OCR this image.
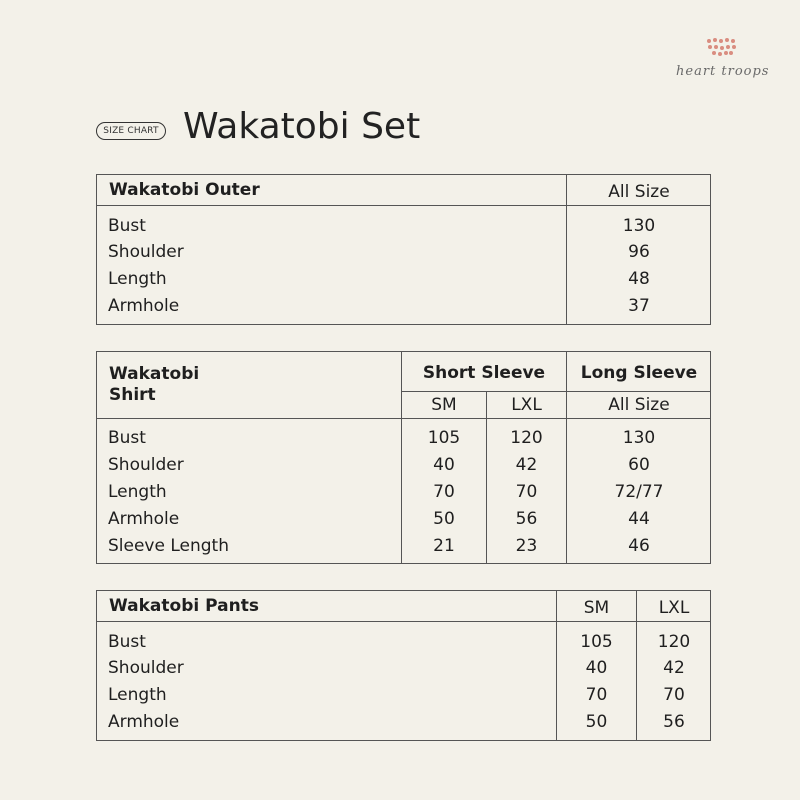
heart troops
SIZE CHART Wakatobi Set
Wakatobi Outer	All Size
Bust	130
Shoulder	96
Length	48
Armhole	37
Wakatobi
Shirt
Short Sleeve	Long Sleeve
SM	LXL	All Size
Bust	105	120	130
Shoulder	40	42	60
Length	70	70	72/77
Armhole	50	56	44
Sleeve Length	21	23	46
Wakatobi Pants	SM	LXL
Bust	105	120
Shoulder	40	42
Length	70	70
Armhole	50	56
